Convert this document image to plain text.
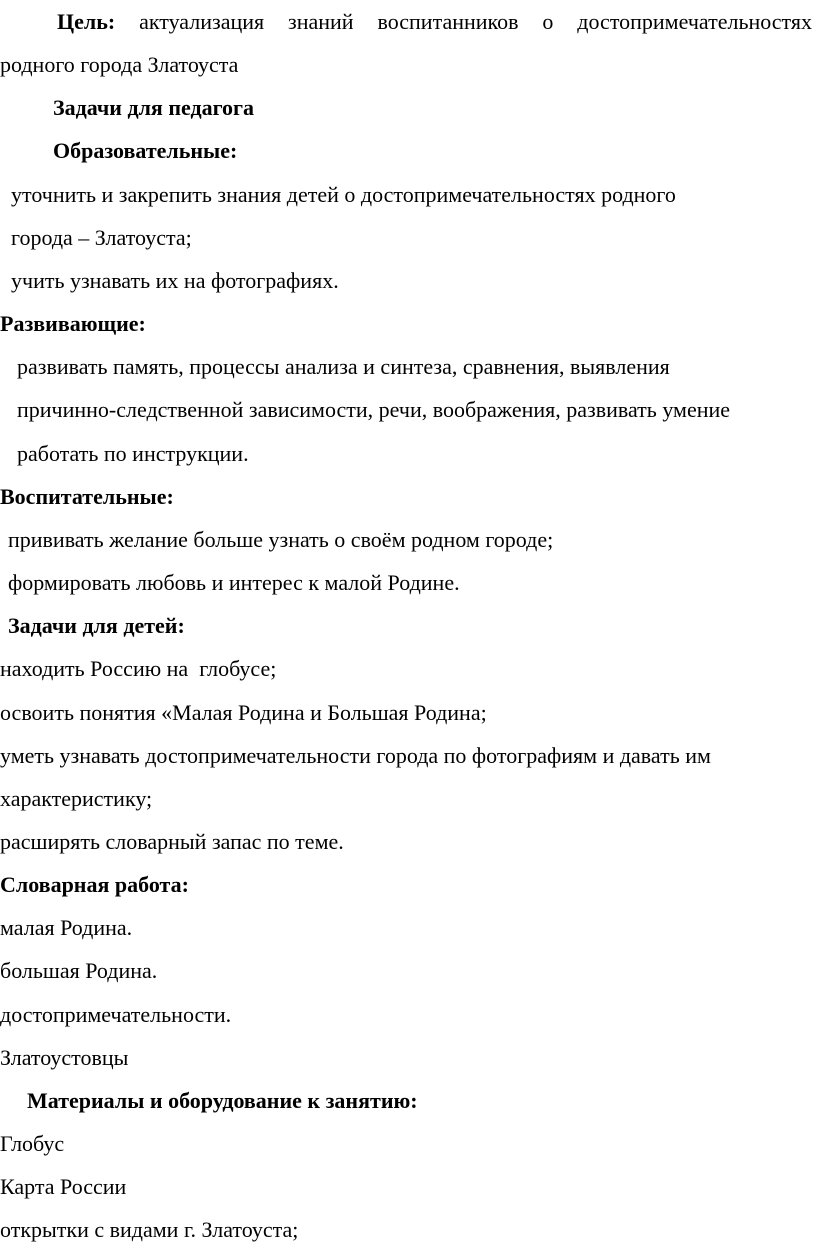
Цель: актуализация знаний воспитанников о достопримечательностях
родного города Златоуста
Задачи для педагога
Образовательные:
уточнить и закрепить знания детей о достопримечательностях родного
города – Златоуста;
учить узнавать их на фотографиях.
Развивающие:
развивать память, процессы анализа и синтеза, сравнения, выявления
причинно-следственной зависимости, речи, воображения, развивать умение
работать по инструкции.
Воспитательные:
прививать желание больше узнать о своём родном городе;
формировать любовь и интерес к малой Родине.
Задачи для детей:
находить Россию на  глобусе;
освоить понятия «Малая Родина и Большая Родина;
уметь узнавать достопримечательности города по фотографиям и давать им
характеристику;
расширять словарный запас по теме.
Словарная работа:
малая Родина.
большая Родина.
достопримечательности.
Златоустовцы
Материалы и оборудование к занятию:
Глобус
Карта России
открытки с видами г. Златоуста;
